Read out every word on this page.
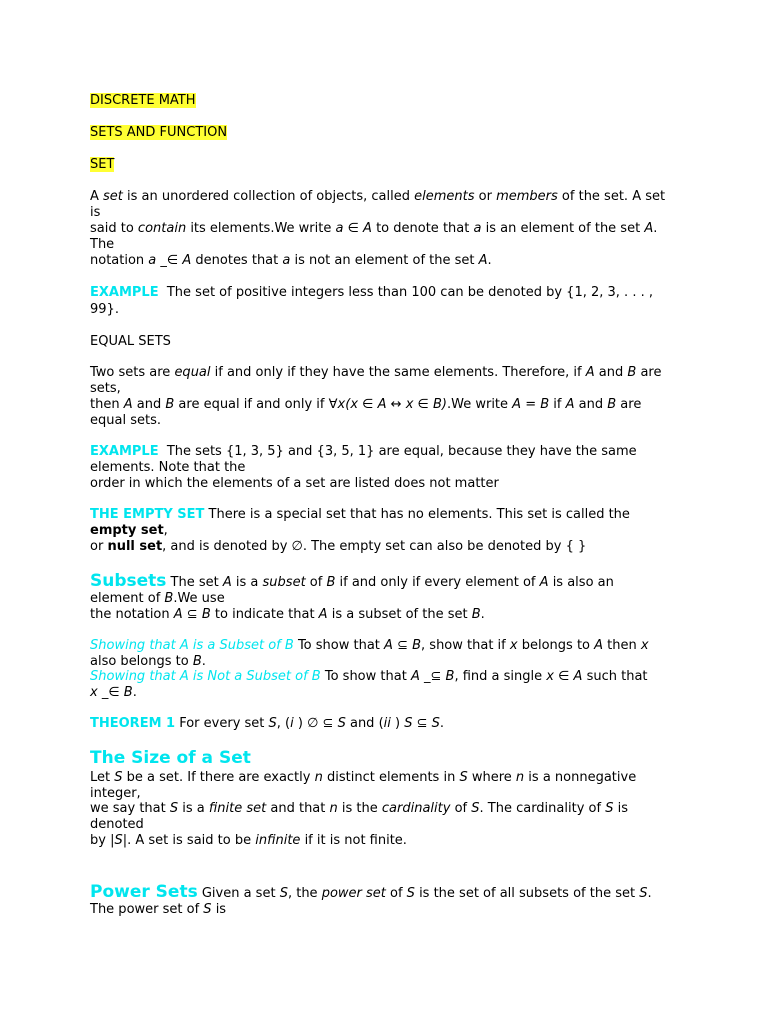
DISCRETE MATH

SETS AND FUNCTION

SET

A set is an unordered collection of objects, called elements or members of the set. A set

is

said to contain its elements.We write a ∈ A to denote that a is an element of the set A.

The

notation a _∈ A denotes that a is not an element of the set A.

EXAMPLE  The set of positive integers less than 100 can be denoted by {1, 2, 3, . . . ,

99}.

EQUAL SETS

Two sets are equal if and only if they have the same elements. Therefore, if A and B are

sets,

then A and B are equal if and only if ∀x(x ∈ A ↔ x ∈ B).We write A = B if A and B are

equal sets.

EXAMPLE  The sets {1, 3, 5} and {3, 5, 1} are equal, because they have the same

elements. Note that the

order in which the elements of a set are listed does not matter

THE EMPTY SET There is a special set that has no elements. This set is called the

empty set,

or null set, and is denoted by ∅. The empty set can also be denoted by { }

Subsets The set A is a subset of B if and only if every element of A is also an

element of B.We use

the notation A ⊆ B to indicate that A is a subset of the set B.

Showing that A is a Subset of B To show that A ⊆ B, show that if x belongs to A then x

also belongs to B.

Showing that A is Not a Subset of B To show that A _⊆ B, find a single x ∈ A such that

x _∈ B.

THEOREM 1 For every set S, (i ) ∅ ⊆ S and (ii ) S ⊆ S.

The Size of a Set

Let S be a set. If there are exactly n distinct elements in S where n is a nonnegative

integer,

we say that S is a finite set and that n is the cardinality of S. The cardinality of S is

denoted

by |S|. A set is said to be infinite if it is not finite.

Power Sets Given a set S, the power set of S is the set of all subsets of the set S.

The power set of S is
